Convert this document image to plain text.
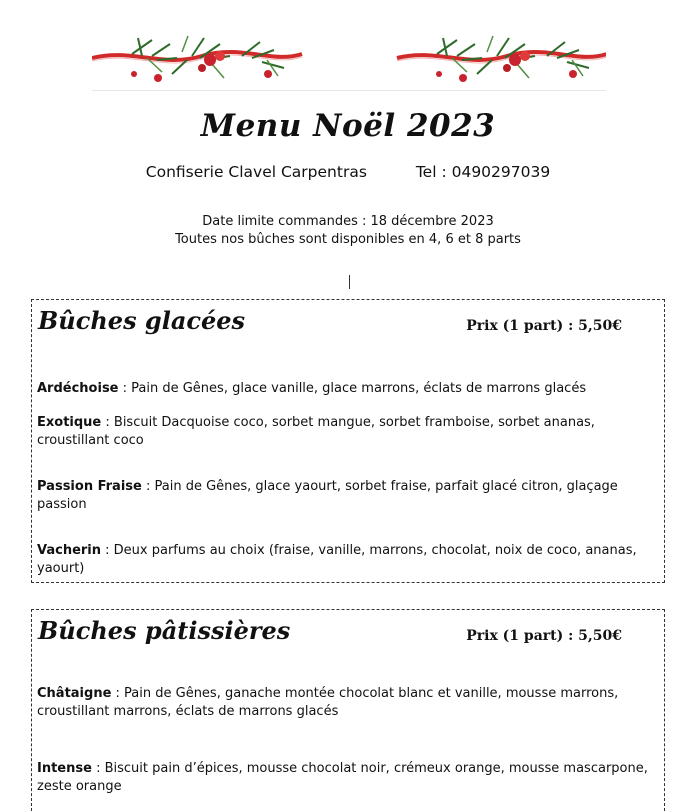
Menu Noël 2023
Confiserie Clavel Carpentras	Tel : 0490297039
Date limite commandes : 18 décembre 2023
Toutes nos bûches sont disponibles en 4, 6 et 8 parts
Bûches glacées	Prix (1 part) : 5,50€
Ardéchoise : Pain de Gênes, glace vanille, glace marrons, éclats de marrons glacés
Exotique : Biscuit Dacquoise coco, sorbet mangue, sorbet framboise, sorbet ananas, croustillant coco
Passion Fraise : Pain de Gênes, glace yaourt, sorbet fraise, parfait glacé citron, glaçage passion
Vacherin : Deux parfums au choix (fraise, vanille, marrons, chocolat, noix de coco, ananas, yaourt)
Bûches pâtissières	Prix (1 part) : 5,50€
Châtaigne : Pain de Gênes, ganache montée chocolat blanc et vanille, mousse marrons, croustillant marrons, éclats de marrons glacés
Intense : Biscuit pain d’épices, mousse chocolat noir, crémeux orange, mousse mascarpone, zeste orange
